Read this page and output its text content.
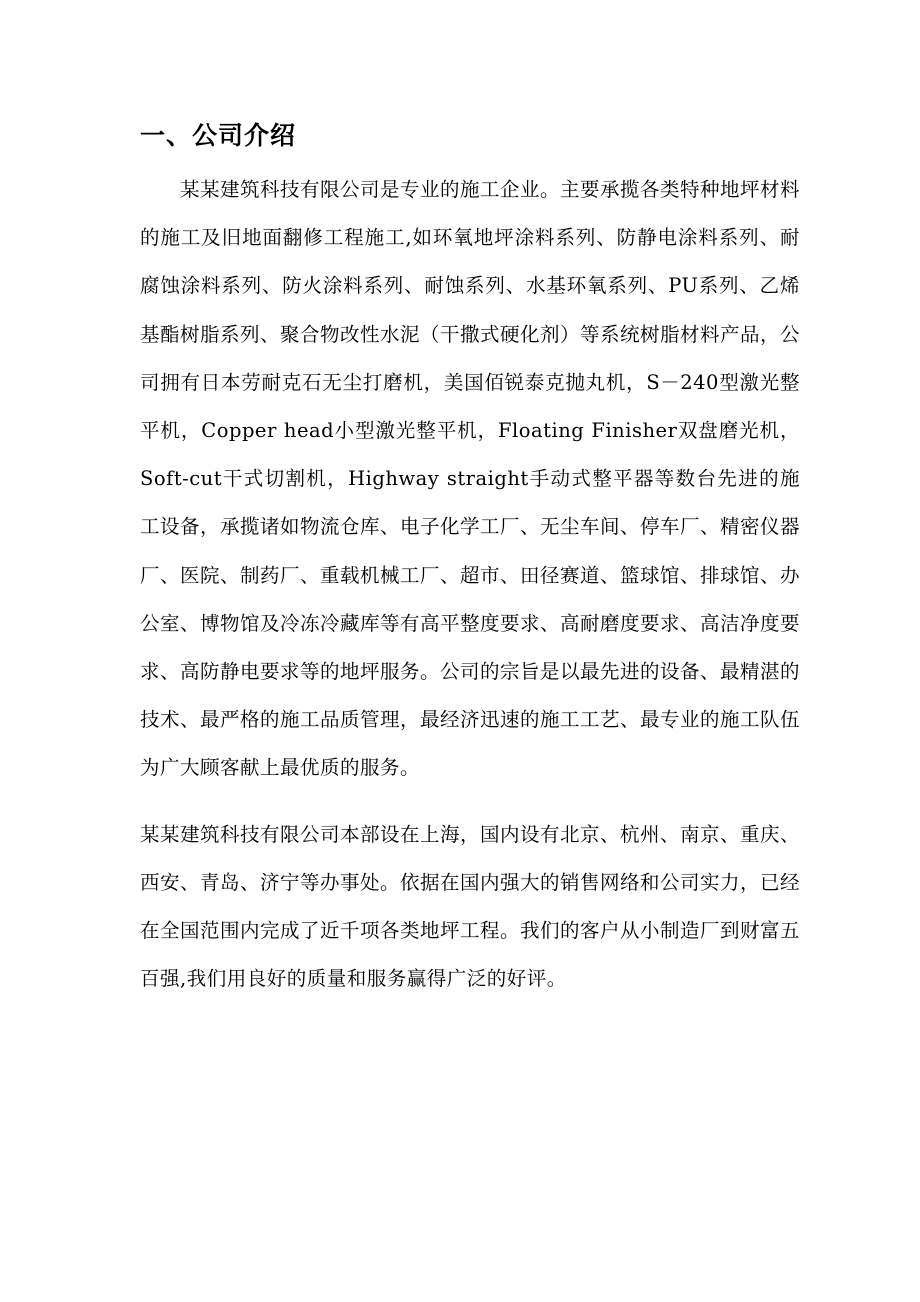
一、公司介绍

某某建筑科技有限公司是专业的施工企业。主要承揽各类特种地坪材料的施工及旧地面翻修工程施工,如环氧地坪涂料系列、防静电涂料系列、耐腐蚀涂料系列、防火涂料系列、耐蚀系列、水基环氧系列、PU系列、乙烯基酯树脂系列、聚合物改性水泥（干撒式硬化剂）等系统树脂材料产品，公司拥有日本劳耐克石无尘打磨机，美国佰锐泰克抛丸机，S－240型激光整平机，Copper head小型激光整平机，Floating Finisher双盘磨光机，Soft-cut干式切割机，Highway straight手动式整平器等数台先进的施工设备，承揽诸如物流仓库、电子化学工厂、无尘车间、停车厂、精密仪器厂、医院、制药厂、重载机械工厂、超市、田径赛道、篮球馆、排球馆、办公室、博物馆及冷冻冷藏库等有高平整度要求、高耐磨度要求、高洁净度要求、高防静电要求等的地坪服务。公司的宗旨是以最先进的设备、最精湛的技术、最严格的施工品质管理，最经济迅速的施工工艺、最专业的施工队伍为广大顾客献上最优质的服务。

某某建筑科技有限公司本部设在上海，国内设有北京、杭州、南京、重庆、西安、青岛、济宁等办事处。依据在国内强大的销售网络和公司实力，已经在全国范围内完成了近千项各类地坪工程。我们的客户从小制造厂到财富五百强,我们用良好的质量和服务赢得广泛的好评。
